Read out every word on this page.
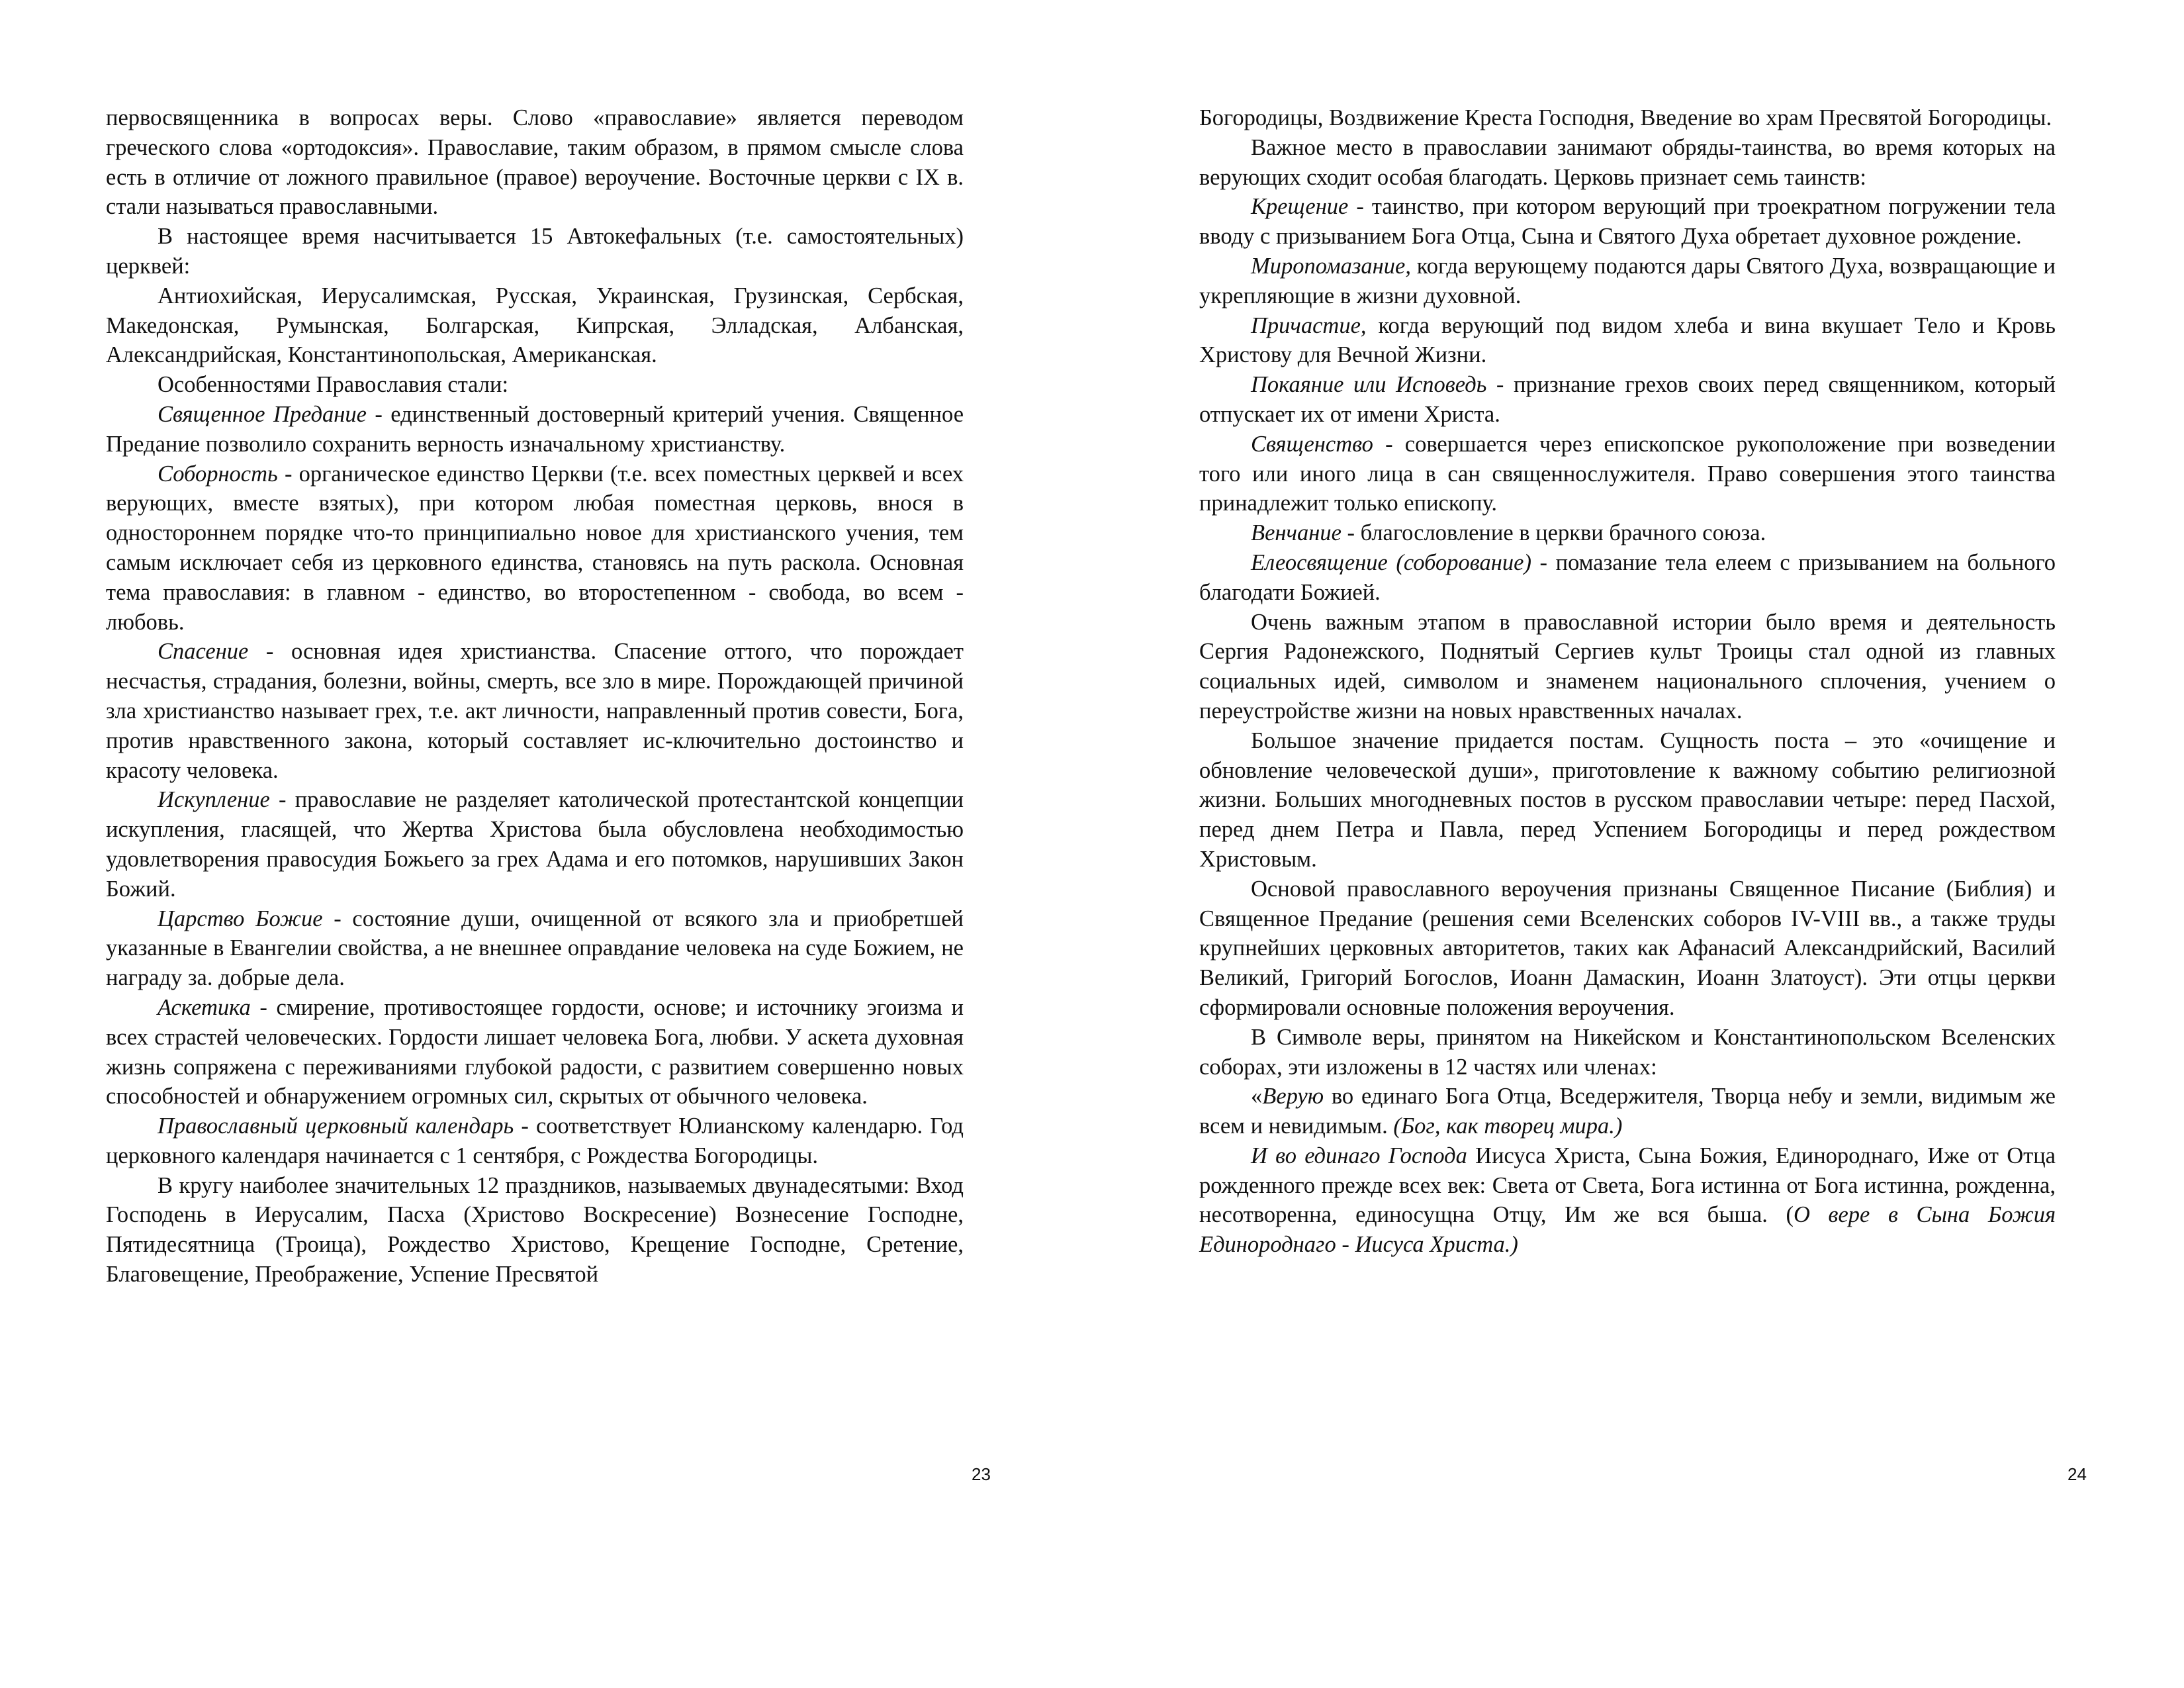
первосвященника в вопросах веры. Слово «православие» является переводом греческого слова «ортодоксия». Православие, таким образом, в прямом смысле слова есть в отличие от ложного правильное (правое) вероучение. Восточные церкви с IX в. стали называться православными.

В настоящее время насчитывается 15 Автокефальных (т.е. самостоятельных) церквей:

Антиохийская, Иерусалимская, Русская, Украинская, Грузинская, Сербская, Македонская, Румынская, Болгарская, Кипрская, Элладская, Албанская, Александрийская, Константинопольская, Американская.

Особенностями Православия стали:

Священное Предание - единственный достоверный критерий учения. Священное Предание позволило сохранить верность изначальному христианству.

Соборность - органическое единство Церкви (т.е. всех поместных церквей и всех верующих, вместе взятых), при котором любая поместная церковь, внося в одностороннем порядке что-то принципиально новое для христианского учения, тем самым исключает себя из церковного единства, становясь на путь раскола. Основная тема православия: в главном - единство, во второстепенном - свобода, во всем - любовь.

Спасение - основная идея христианства. Спасение оттого, что порождает несчастья, страдания, болезни, войны, смерть, все зло в мире. Порождающей причиной зла христианство называет грех, т.е. акт личности, направленный против совести, Бога, против нравственного закона, который составляет ис-ключительно достоинство и красоту человека.

Искупление - православие не разделяет католической протестантской концепции искупления, гласящей, что Жертва Христова была обусловлена необходимостью удовлетворения правосудия Божьего за грех Адама и его потомков, нарушивших Закон Божий.

Царство Божие - состояние души, очищенной от всякого зла и приобретшей указанные в Евангелии свойства, а не внешнее оправдание человека на суде Божием, не награду за. добрые дела.

Аскетика - смирение, противостоящее гордости, основе; и источнику эгоизма и всех страстей человеческих. Гордости лишает человека Бога, любви. У аскета духовная жизнь сопряжена с переживаниями глубокой радости, с развитием совершенно новых способностей и обнаружением огромных сил, скрытых от обычного человека.

Православный церковный календарь - соответствует Юлианскому календарю. Год церковного календаря начинается с 1 сентября, с Рождества Богородицы.

В кругу наиболее значительных 12 праздников, называемых двунадесятыми: Вход Господень в Иерусалим, Пасха (Христово Воскресение) Вознесение Господне, Пятидесятница (Троица), Рождество Христово, Крещение Господне, Сретение, Благовещение, Преображение, Успение Пресвятой

23

Богородицы, Воздвижение Креста Господня, Введение во храм Пресвятой Богородицы.

Важное место в православии занимают обряды-таинства, во время которых на верующих сходит особая благодать. Церковь признает семь таинств:

Крещение - таинство, при котором верующий при троекратном погружении тела вводу с призыванием Бога Отца, Сына и Святого Духа обретает духовное рождение.

Миропомазание, когда верующему подаются дары Святого Духа, возвращающие и укрепляющие в жизни духовной.

Причастие, когда верующий под видом хлеба и вина вкушает Тело и Кровь Христову для Вечной Жизни.

Покаяние или Исповедь - признание грехов своих перед священником, который отпускает их от имени Христа.

Священство - совершается через епископское рукоположение при возведении того или иного лица в сан священнослужителя. Право совершения этого таинства принадлежит только епископу.

Венчание - благословление в церкви брачного союза.

Елеосвящение (соборование) - помазание тела елеем с призыванием на больного благодати Божией.

Очень важным этапом в православной истории было время и деятельность Сергия Радонежского, Поднятый Сергиев культ Троицы стал одной из главных социальных идей, символом и знаменем национального сплочения, учением о переустройстве жизни на новых нравственных началах.

Большое значение придается постам. Сущность поста – это «очищение и обновление человеческой души», приготовление к важному событию религиозной жизни. Больших многодневных постов в русском православии четыре: перед Пасхой, перед днем Петра и Павла, перед Успением Богородицы и перед рождеством Христовым.

Основой православного вероучения признаны Священное Писание (Библия) и Священное Предание (решения семи Вселенских соборов IV-VIII вв., а также труды крупнейших церковных авторитетов, таких как Афанасий Александрийский, Василий Великий, Григорий Богослов, Иоанн Дамаскин, Иоанн Златоуст). Эти отцы церкви сформировали основные положения вероучения.

В Символе веры, принятом на Никейском и Константинопольском Вселенских соборах, эти изложены в 12 частях или членах:

«Верую во единаго Бога Отца, Вседержителя, Творца небу и земли, видимым же всем и невидимым. (Бог, как творец мира.)

И во единаго Господа Иисуса Христа, Сына Божия, Единороднаго, Иже от Отца рожденного прежде всех век: Света от Света, Бога истинна от Бога истинна, рожденна, несотворенна, единосущна Отцу, Им же вся быша. (О вере в Сына Божия Единороднаго - Иисуса Христа.)

24
